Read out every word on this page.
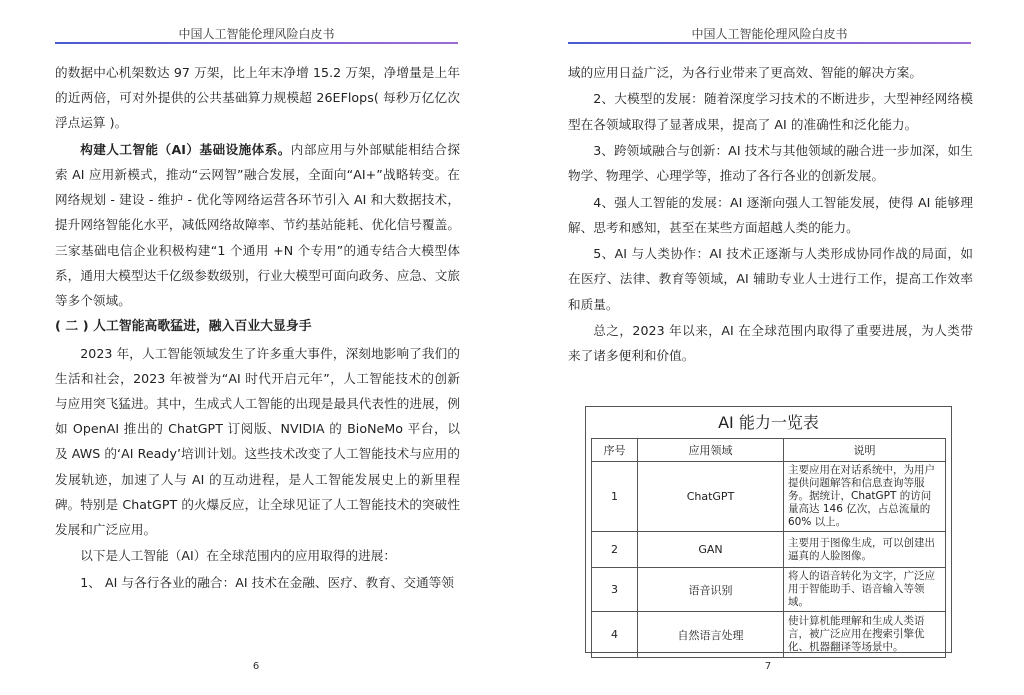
中国人工智能伦理风险白皮书

的数据中心机架数达 97 万架，比上年末净增 15.2 万架，净增量是上年的近两倍，可对外提供的公共基础算力规模超 26EFlops( 每秒万亿亿次浮点运算 )。

构建人工智能（AI）基础设施体系。内部应用与外部赋能相结合探索 AI 应用新模式，推动“云网智”融合发展，全面向“AI+”战略转变。在网络规划 - 建设 - 维护 - 优化等网络运营各环节引入 AI 和大数据技术，提升网络智能化水平，减低网络故障率、节约基站能耗、优化信号覆盖。三家基础电信企业积极构建“1 个通用 +N 个专用”的通专结合大模型体系，通用大模型达千亿级参数级别，行业大模型可面向政务、应急、文旅等多个领域。

( 二 ) 人工智能高歌猛进，融入百业大显身手

2023 年，人工智能领域发生了许多重大事件，深刻地影响了我们的生活和社会，2023 年被誉为“AI 时代开启元年”，人工智能技术的创新与应用突飞猛进。其中，生成式人工智能的出现是最具代表性的进展，例如 OpenAI 推出的 ChatGPT 订阅版、NVIDIA 的 BioNeMo 平台，以及 AWS 的‘AI Ready’培训计划。这些技术改变了人工智能技术与应用的发展轨迹，加速了人与 AI 的互动进程，是人工智能发展史上的新里程碑。特别是 ChatGPT 的火爆反应，让全球见证了人工智能技术的突破性发展和广泛应用。

以下是人工智能（AI）在全球范围内的应用取得的进展：

1、 AI 与各行各业的融合：AI 技术在金融、医疗、教育、交通等领

6
中国人工智能伦理风险白皮书

域的应用日益广泛，为各行业带来了更高效、智能的解决方案。

2、大模型的发展：随着深度学习技术的不断进步，大型神经网络模型在各领域取得了显著成果，提高了 AI 的准确性和泛化能力。

3、跨领域融合与创新：AI 技术与其他领域的融合进一步加深，如生物学、物理学、心理学等，推动了各行各业的创新发展。

4、强人工智能的发展：AI 逐渐向强人工智能发展，使得 AI 能够理解、思考和感知，甚至在某些方面超越人类的能力。

5、AI 与人类协作：AI 技术正逐渐与人类形成协同作战的局面，如在医疗、法律、教育等领域，AI 辅助专业人士进行工作，提高工作效率和质量。

总之，2023 年以来，AI 在全球范围内取得了重要进展，为人类带来了诸多便利和价值。

AI 能力一览表
序号	应用领域	说明
1	ChatGPT	主要应用在对话系统中，为用户提供问题解答和信息查询等服务。据统计，ChatGPT 的访问量高达 146 亿次，占总流量的 60% 以上。
2	GAN	主要用于图像生成，可以创建出逼真的人脸图像。
3	语音识别	将人的语音转化为文字，广泛应用于智能助手、语音输入等领域。
4	自然语言处理	使计算机能理解和生成人类语言，被广泛应用在搜索引擎优化、机器翻译等场景中。
7
